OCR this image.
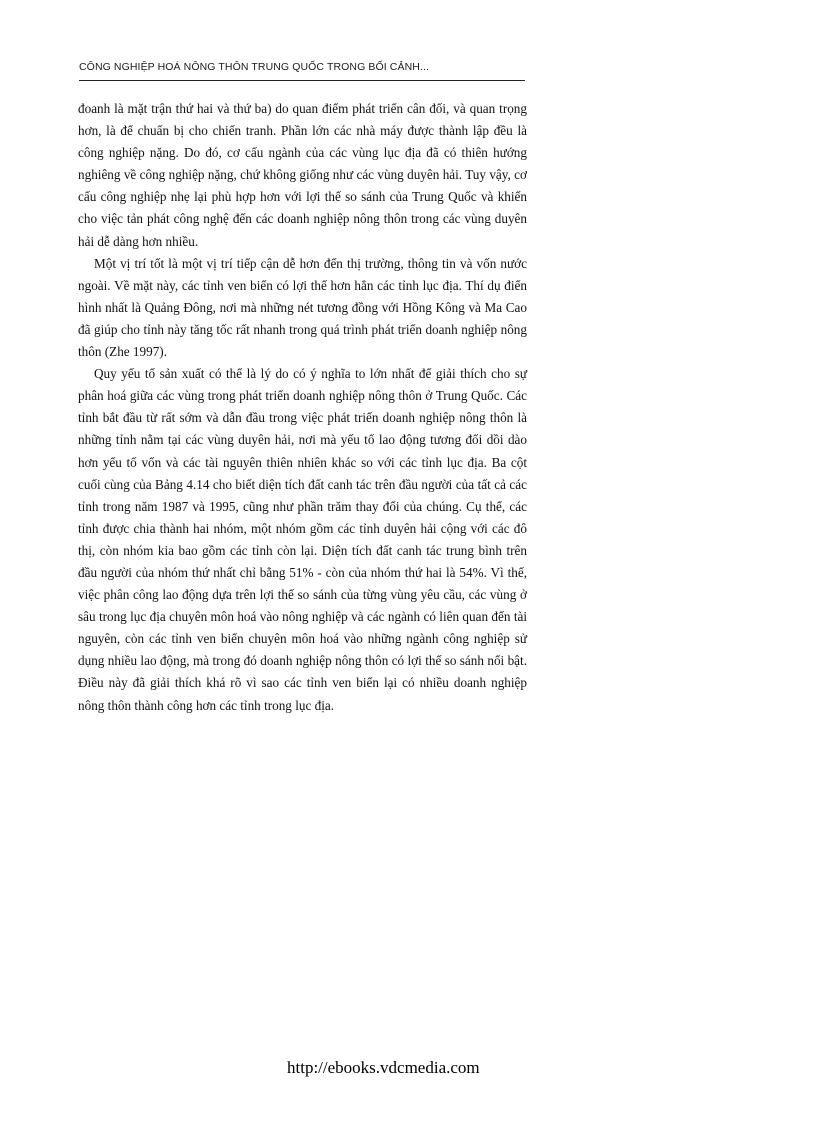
CÔNG NGHIỆP HOÁ NÔNG THÔN TRUNG QUỐC TRONG BỐI CẢNH...

đoanh là mặt trận thứ hai và thứ ba) do quan điểm phát triển cân đối, và quan trọng hơn, là để chuẩn bị cho chiến tranh. Phần lớn các nhà máy được thành lập đều là công nghiệp nặng. Do đó, cơ cấu ngành của các vùng lục địa đã có thiên hướng nghiêng về công nghiệp nặng, chứ không giống như các vùng duyên hải. Tuy vậy, cơ cấu công nghiệp nhẹ lại phù hợp hơn với lợi thế so sánh của Trung Quốc và khiến cho việc tản phát công nghệ đến các doanh nghiệp nông thôn trong các vùng duyên hải dễ dàng hơn nhiều.

Một vị trí tốt là một vị trí tiếp cận dễ hơn đến thị trường, thông tin và vốn nước ngoài. Về mặt này, các tỉnh ven biển có lợi thế hơn hẳn các tỉnh lục địa. Thí dụ điển hình nhất là Quảng Đông, nơi mà những nét tương đồng với Hồng Kông và Ma Cao đã giúp cho tỉnh này tăng tốc rất nhanh trong quá trình phát triển doanh nghiệp nông thôn (Zhe 1997).

Quy yếu tố sản xuất có thể là lý do có ý nghĩa to lớn nhất để giải thích cho sự phân hoá giữa các vùng trong phát triển doanh nghiệp nông thôn ở Trung Quốc. Các tỉnh bắt đầu từ rất sớm và dẫn đầu trong việc phát triển doanh nghiệp nông thôn là những tỉnh nằm tại các vùng duyên hải, nơi mà yếu tố lao động tương đối dồi dào hơn yếu tố vốn và các tài nguyên thiên nhiên khác so với các tỉnh lục địa. Ba cột cuối cùng của Bảng 4.14 cho biết diện tích đất canh tác trên đầu người của tất cả các tỉnh trong năm 1987 và 1995, cũng như phần trăm thay đổi của chúng. Cụ thể, các tỉnh được chia thành hai nhóm, một nhóm gồm các tỉnh duyên hải cộng với các đô thị, còn nhóm kia bao gồm các tỉnh còn lại. Diện tích đất canh tác trung bình trên đầu người của nhóm thứ nhất chỉ bằng 51% - còn của nhóm thứ hai là 54%. Vì thế, việc phân công lao động dựa trên lợi thế so sánh của từng vùng yêu cầu, các vùng ở sâu trong lục địa chuyên môn hoá vào nông nghiệp và các ngành có liên quan đến tài nguyên, còn các tỉnh ven biển chuyên môn hoá vào những ngành công nghiệp sử dụng nhiều lao động, mà trong đó doanh nghiệp nông thôn có lợi thế so sánh nổi bật. Điều này đã giải thích khá rõ vì sao các tỉnh ven biển lại có nhiều doanh nghiệp nông thôn thành công hơn các tỉnh trong lục địa.

http://ebooks.vdcmedia.com
